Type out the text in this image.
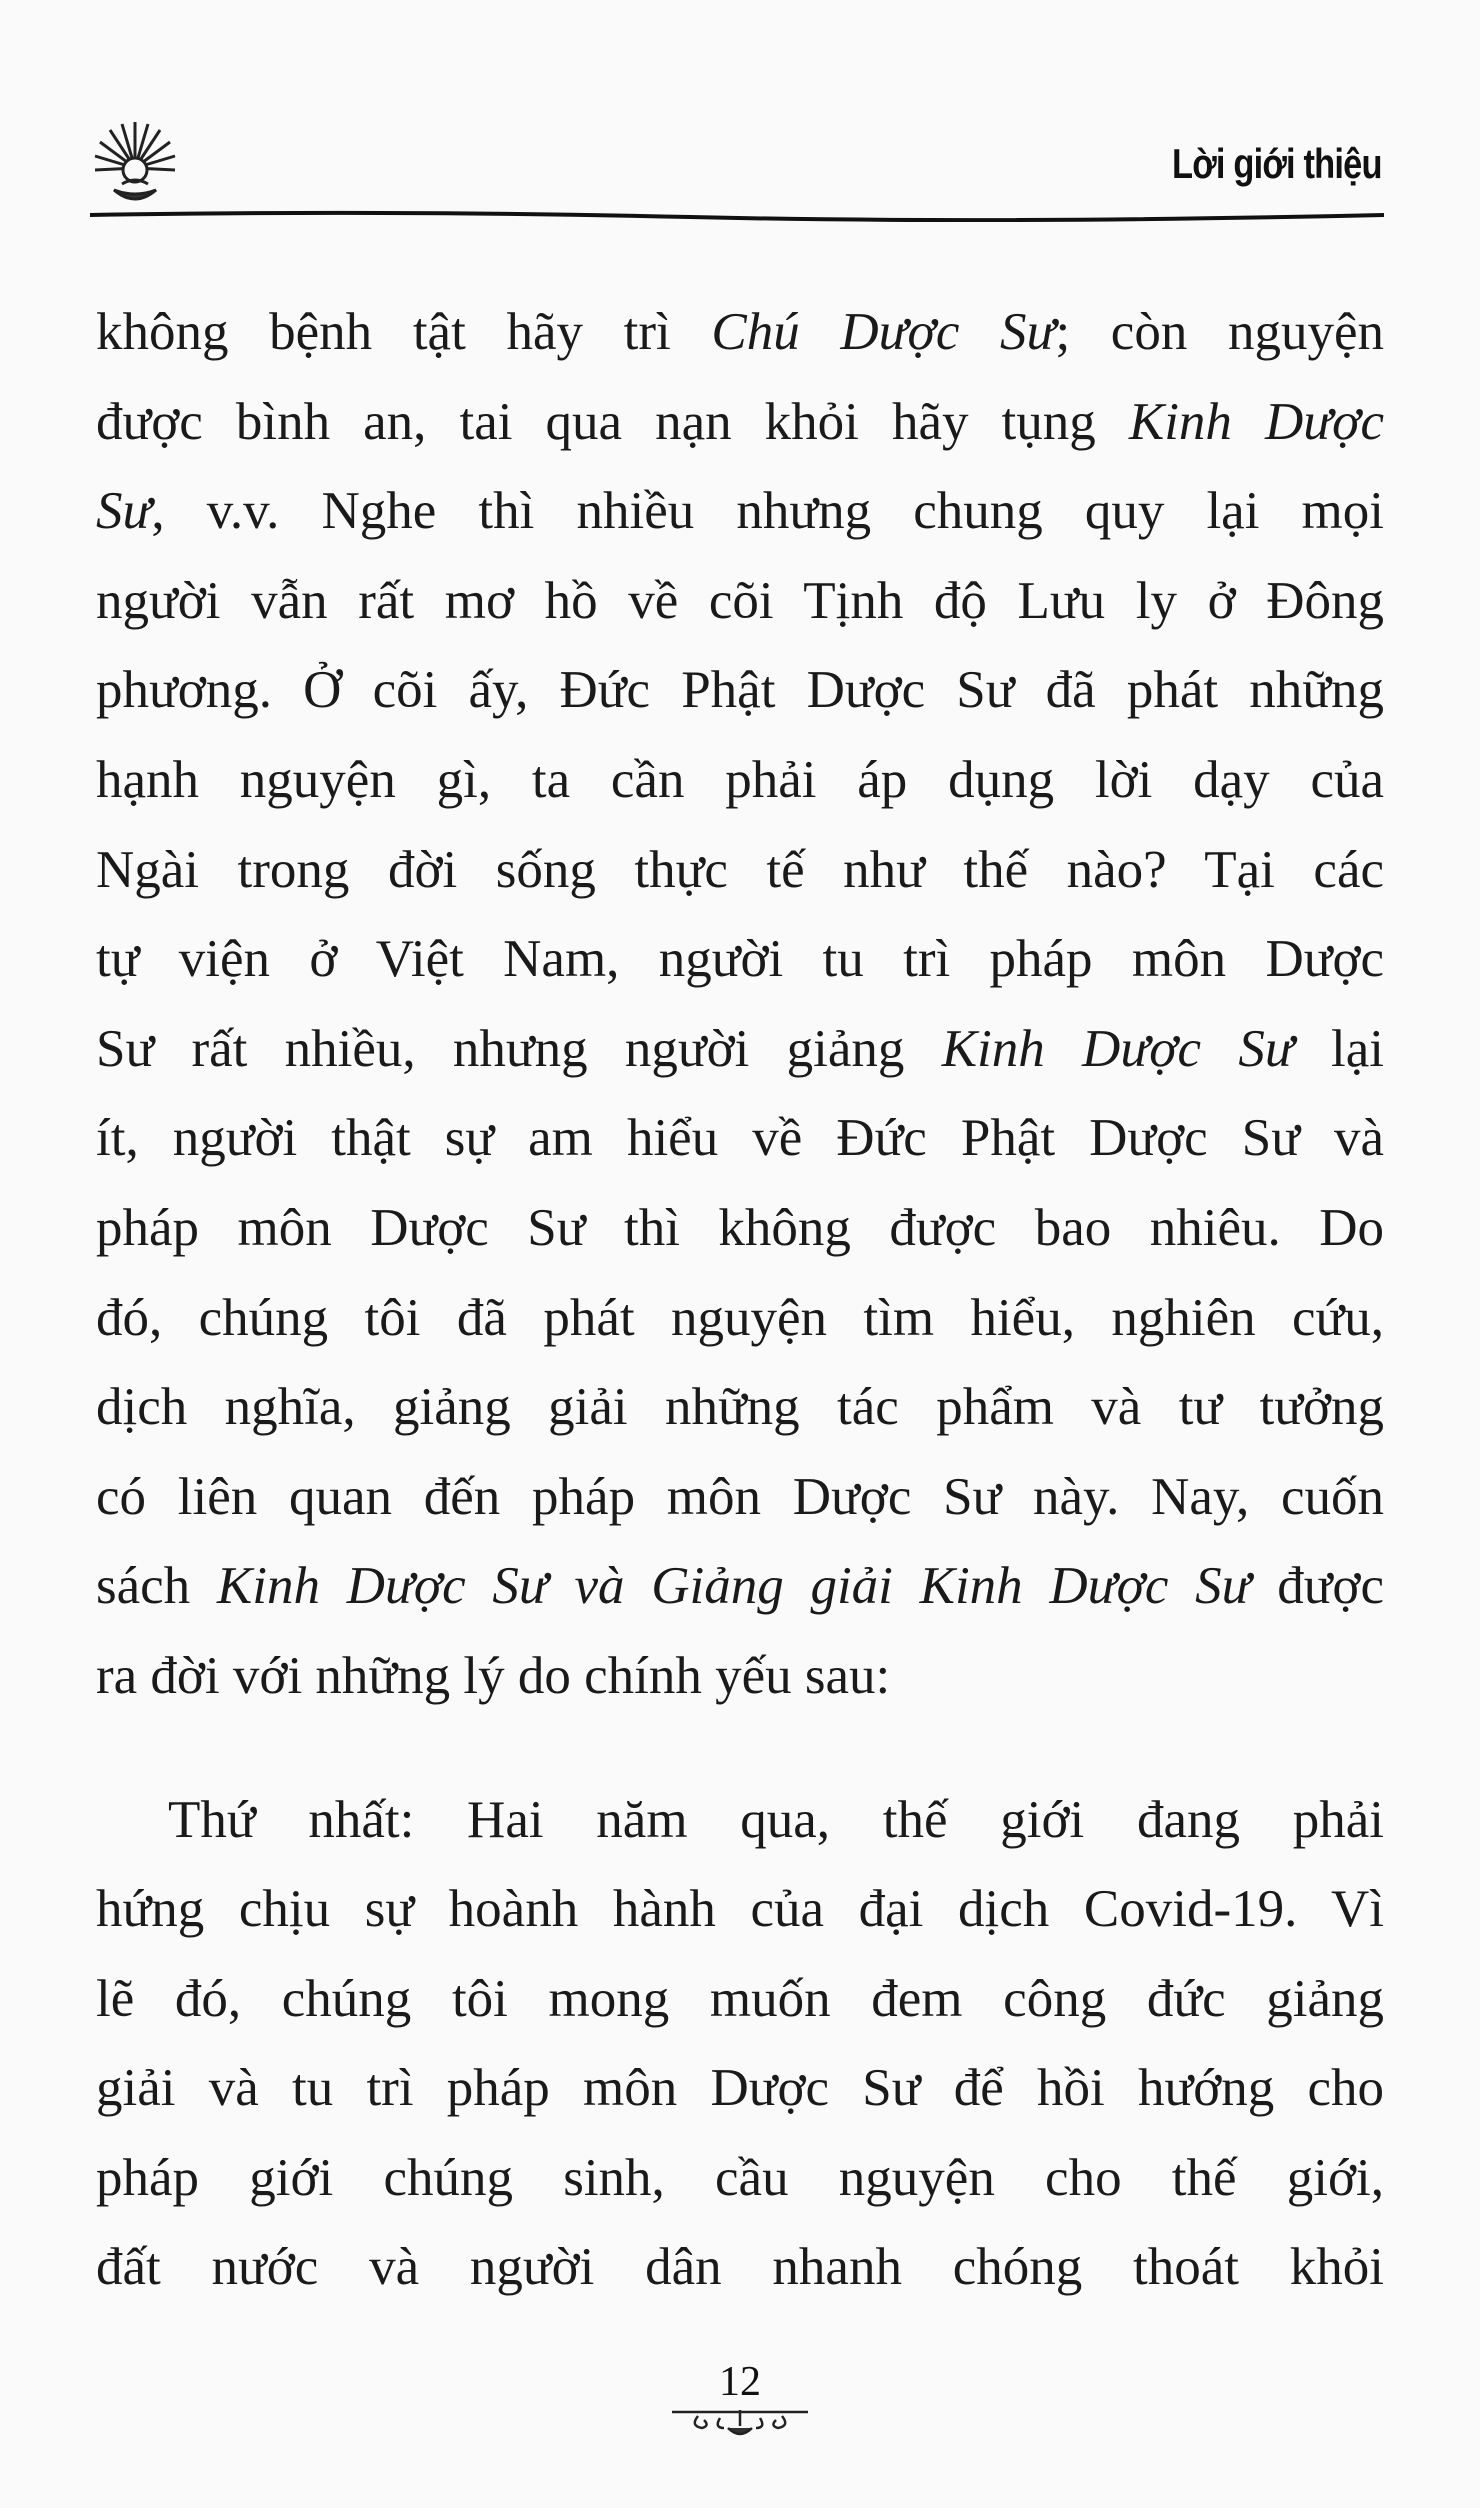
Lời giới thiệu
không bệnh tật hãy trì Chú Dược Sư; còn nguyện
được bình an, tai qua nạn khỏi hãy tụng Kinh Dược
Sư, v.v. Nghe thì nhiều nhưng chung quy lại mọi
người vẫn rất mơ hồ về cõi Tịnh độ Lưu ly ở Đông
phương. Ở cõi ấy, Đức Phật Dược Sư đã phát những
hạnh nguyện gì, ta cần phải áp dụng lời dạy của
Ngài trong đời sống thực tế như thế nào? Tại các
tự viện ở Việt Nam, người tu trì pháp môn Dược
Sư rất nhiều, nhưng người giảng Kinh Dược Sư lại
ít, người thật sự am hiểu về Đức Phật Dược Sư và
pháp môn Dược Sư thì không được bao nhiêu. Do
đó, chúng tôi đã phát nguyện tìm hiểu, nghiên cứu,
dịch nghĩa, giảng giải những tác phẩm và tư tưởng
có liên quan đến pháp môn Dược Sư này. Nay, cuốn
sách Kinh Dược Sư và Giảng giải Kinh Dược Sư được
ra đời với những lý do chính yếu sau:
Thứ nhất: Hai năm qua, thế giới đang phải
hứng chịu sự hoành hành của đại dịch Covid-19. Vì
lẽ đó, chúng tôi mong muốn đem công đức giảng
giải và tu trì pháp môn Dược Sư để hồi hướng cho
pháp giới chúng sinh, cầu nguyện cho thế giới,
đất nước và người dân nhanh chóng thoát khỏi
12
